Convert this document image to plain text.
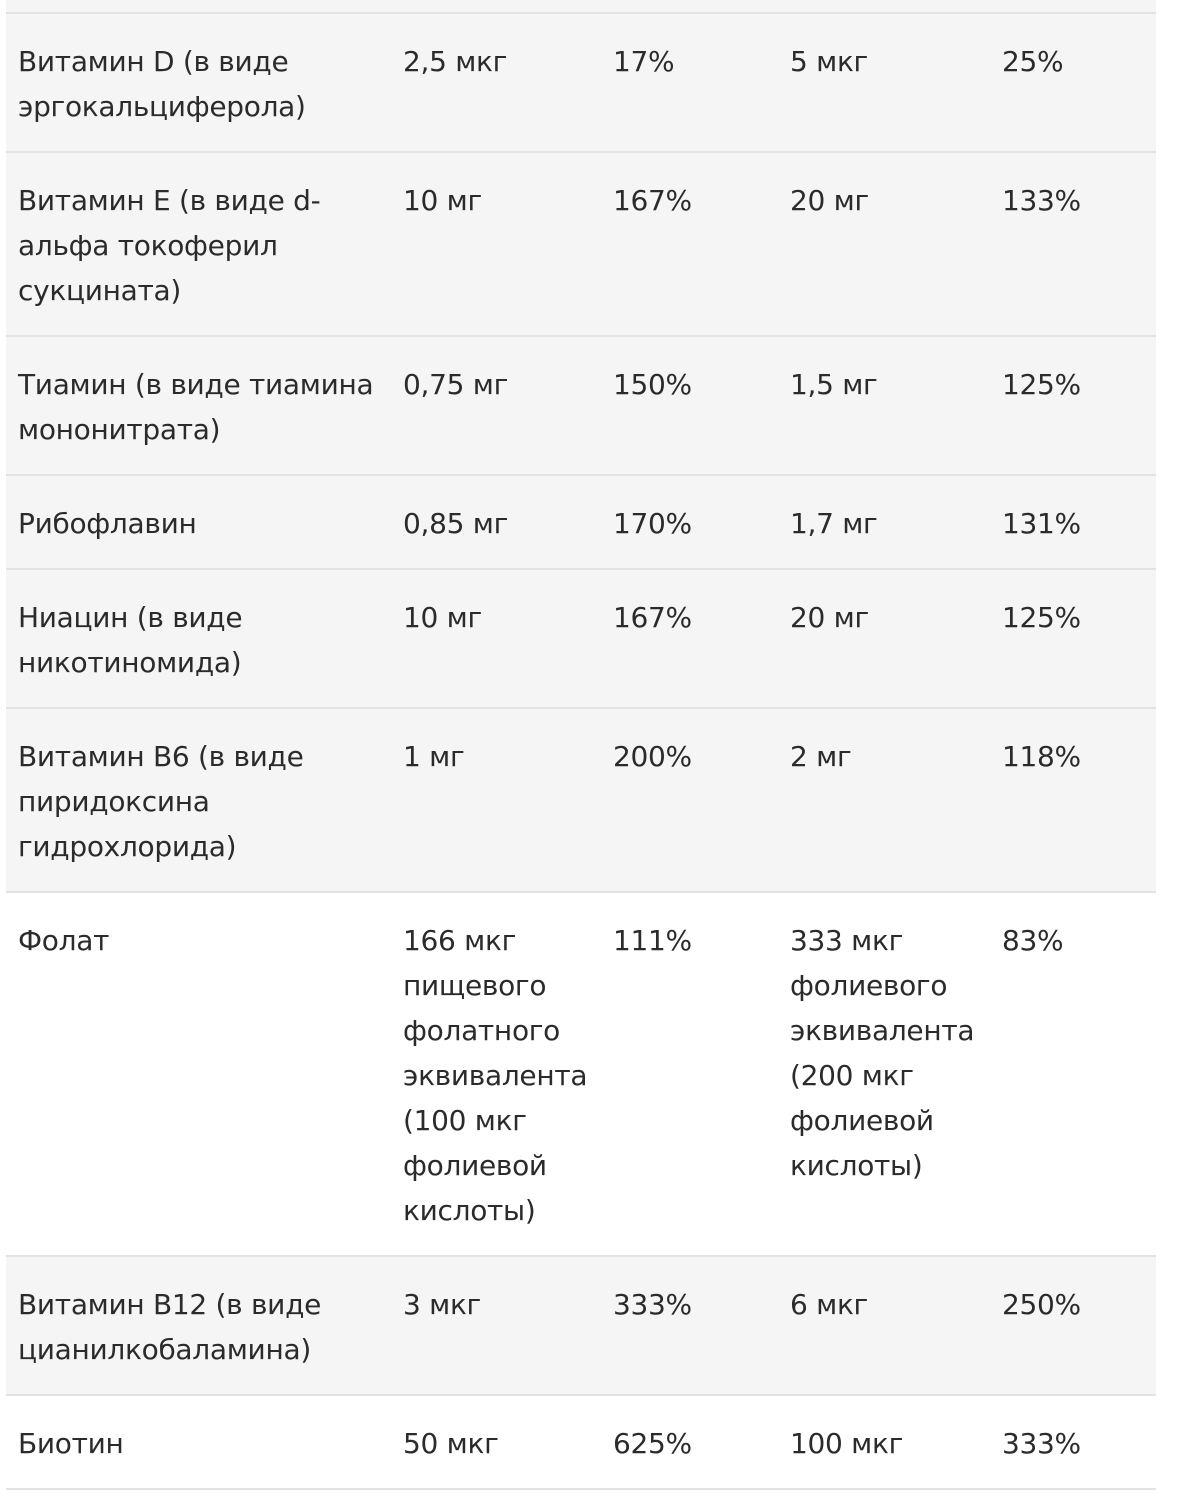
Витамин D (в виде эргокальциферола)	2,5 мкг	17%	5 мкг	25%
Витамин E (в виде d-альфа токоферил сукцината)	10 мг	167%	20 мг	133%
Тиамин (в виде тиамина мононитрата)	0,75 мг	150%	1,5 мг	125%
Рибофлавин	0,85 мг	170%	1,7 мг	131%
Ниацин (в виде никотиномида)	10 мг	167%	20 мг	125%
Витамин B6 (в виде пиридоксина гидрохлорида)	1 мг	200%	2 мг	118%
Фолат	166 мкг пищевого фолатного эквивалента (100 мкг фолиевой кислоты)	111%	333 мкг фолиевого эквивалента (200 мкг фолиевой кислоты)	83%
Витамин B12 (в виде цианилкобаламина)	3 мкг	333%	6 мкг	250%
Биотин	50 мкг	625%	100 мкг	333%
